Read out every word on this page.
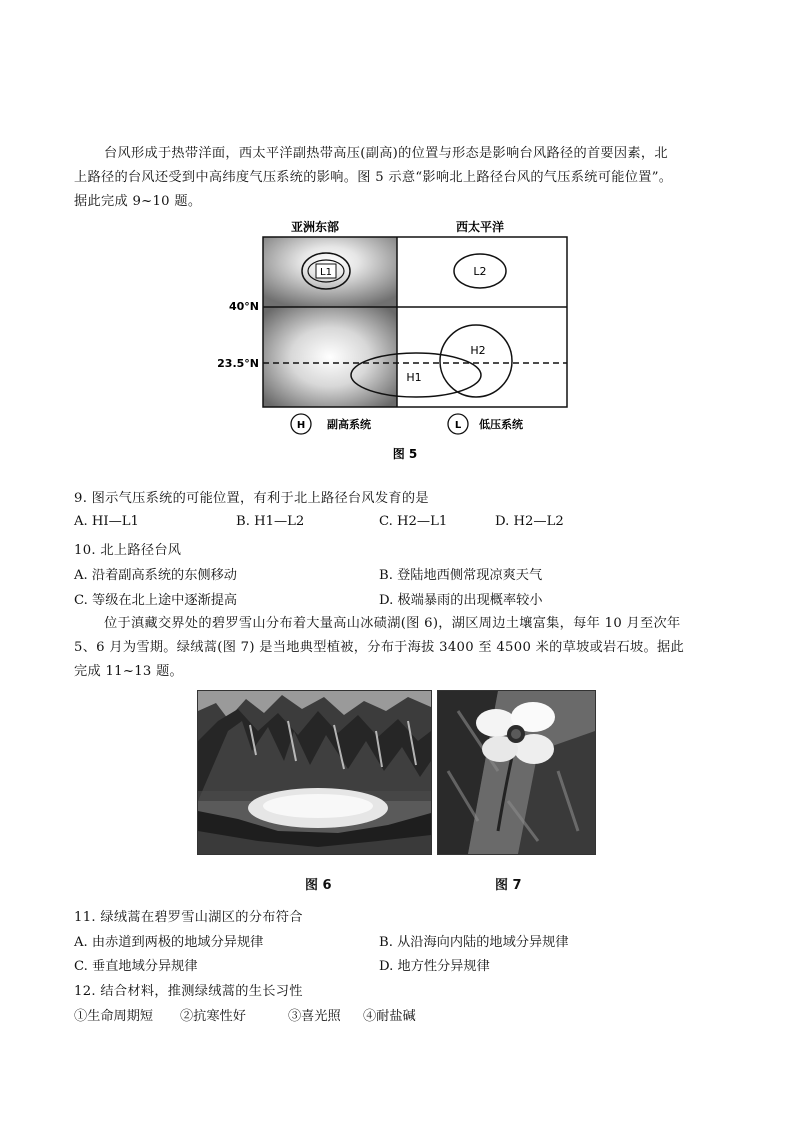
台风形成于热带洋面，西太平洋副热带高压(副高)的位置与形态是影响台风路径的首要因素，北
上路径的台风还受到中高纬度气压系统的影响。图 5 示意“影响北上路径台风的气压系统可能位置”。
据此完成 9~10 题。
亚洲东部	西太平洋
40°N
23.5°N
L1	L2
H2
H1
H 副高系统	L 低压系统
图 5
9. 图示气压系统的可能位置，有利于北上路径台风发育的是
A. HI—L1	B. H1—L2	C. H2—L1	D. H2—L2
10. 北上路径台风
A. 沿着副高系统的东侧移动	B. 登陆地西侧常现凉爽天气
C. 等级在北上途中逐渐提高	D. 极端暴雨的出现概率较小
位于滇藏交界处的碧罗雪山分布着大量高山冰碛湖(图 6)，湖区周边土壤富集，每年 10 月至次年
5、6 月为雪期。绿绒蒿(图 7) 是当地典型植被，分布于海拔 3400 至 4500 米的草坡或岩石坡。据此
完成 11~13 题。
图 6	图 7
11. 绿绒蒿在碧罗雪山湖区的分布符合
A. 由赤道到两极的地域分异规律	B. 从沿海向内陆的地域分异规律
C. 垂直地域分异规律	D. 地方性分异规律
12. 结合材料，推测绿绒蒿的生长习性
①生命周期短 ②抗寒性好	③喜光照 ④耐盐碱
